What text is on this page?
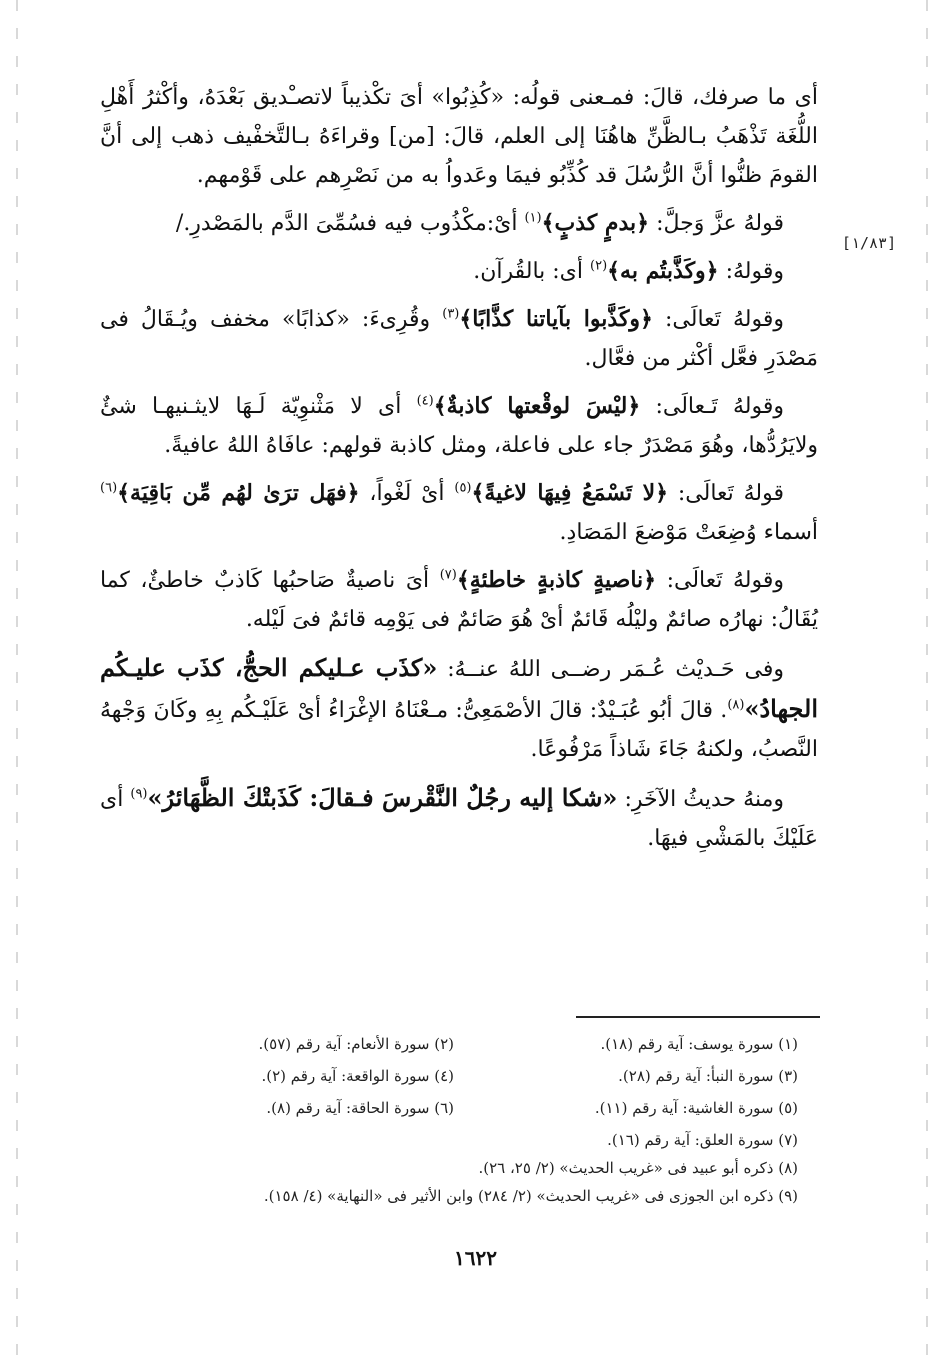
[١/٨٣]

أى ما صرفك، قالَ: فمـعنى قولُه: «كُذِبُوا» أىَ تكْذيباً لاتصـْديق بَعْدَهُ، وأكْثرُ أَهْلِ اللُّغَة تَذْهَبُ بـالظَّنِّ هاهُنَا إلى العلم، قالَ: [من] وقراءَهُ بـالتَّخفْيف ذهب إلى أنَّ القومَ ظنُّوا أنَّ الرُّسُلَ قد كُذِّبُو فيمَا وعَدواُ به من نَصْرِهم على قَوْمهم.

قولهُ عزَّ وَجلَّ: ﴿بدمٍ كذبٍ﴾$^{(١)}$ أىْ:مكْذُوب فيه فسُمِّىَ الدَّم بالمَصْدرِ./

وقولهُ: ﴿وكَذَّبتُم به﴾$^{(٢)}$ أى: بالقُرآن.

وقولهُ تَعالَى: ﴿وكَذَّبوا بآياتنا كذَّابًا﴾$^{(٣)}$ وقُرِىءَ: «كذابًا» مخفف ويُـقَالُ فى مَصْدَرِ فعَّل أكْثر من فعَّال.

وقولهُ تَـعالَى: ﴿ليْسَ لوقْعتها كاذبةٌ﴾$^{(٤)}$ أى لا مَثْنوِيّة لَـهَا لايثـنيهـا شئٌ ولايَرُدُّها، وهُوَ مَصْدَرٌ جاء على فاعلة، ومثل كاذبة قولهم: عافَاهُ اللهُ عافيةً.

قولهُ تَعالَى: ﴿لا تَسْمَعُ فِيهَا لاغيةً﴾$^{(٥)}$ أىْ لَغْواً، ﴿فهَل ترَىٰ لهُم مِّن بَاقِيَة﴾$^{(٦)}$ أسماء وُضِعَتْ مَوْضعَ المَصَادِ.

وقولهُ تَعالَى: ﴿ناصيةٍ كاذبةٍ خاطئةٍ﴾$^{(٧)}$ أىَ ناصيةٌ صَاحبُها كَاذبٌ خاطئٌ، كما يُقَالُ: نهارُه صائمٌ وليْلُه قَائمٌ أىْ هُوَ صَائمٌ فى يَوْمِه قائمٌ فىَ لَيْله.

وفى حَـديْث عُـمَر رضــى اللهُ عنــهُ: «كذَب عـليكم الحجُّ، كذَب عليـكُم الجهادُ»$^{(٨)}$. قالَ أبُو عُبَـيْدٌ: قالَ الأصْمَعِىُّ: مـعْنَاهُ الإغْرَاءُ أىْ عَلَيْـكُم بِهِ وكَانَ وَجْههُ النَّصبُ، ولكنهُ جَاءَ شَاذاً مَرْفُوعًا.

ومنهُ حديثُ الآخَرِ: «شكا إليه رجُلٌ النَّقْرسَ فـقالَ: كَذَبتْكَ الظَّهَائرُ»$^{(٩)}$ أى عَلَيْكَ بالمَشْىِ فيهَا.

(١) سورة يوسف: آية رقم (١٨).
(٢) سورة الأنعام: آية رقم (٥٧).
(٣) سورة النبأ: آية رقم (٢٨).
(٤) سورة الواقعة: آية رقم (٢).
(٥) سورة الغاشية: آية رقم (١١).
(٦) سورة الحاقة: آية رقم (٨).
(٧) سورة العلق: آية رقم (١٦).
(٨) ذكره أبو عبيد فى «غريب الحديث» (٢/ ٢٥، ٢٦).
(٩) ذكره ابن الجوزى فى «غريب الحديث» (٢/ ٢٨٤) وابن الأثير فى «النهاية» (٤/ ١٥٨).
١٦٢٢
